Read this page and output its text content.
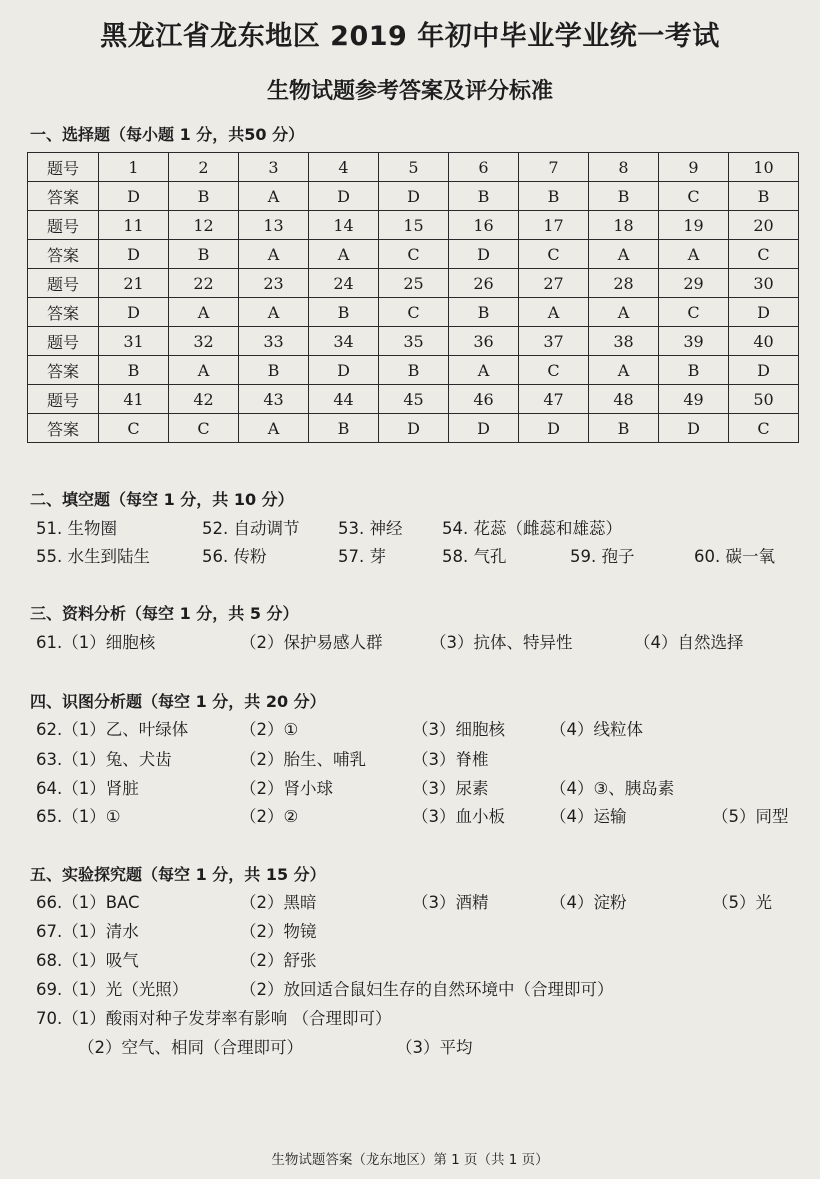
黑龙江省龙东地区 2019 年初中毕业学业统一考试
生物试题参考答案及评分标准
一、选择题（每小题 1 分，共50 分）
题号	1	2	3	4	5	6	7	8	9	10
答案	D	B	A	D	D	B	B	B	C	B
题号	11	12	13	14	15	16	17	18	19	20
答案	D	B	A	A	C	D	C	A	A	C
题号	21	22	23	24	25	26	27	28	29	30
答案	D	A	A	B	C	B	A	A	C	D
题号	31	32	33	34	35	36	37	38	39	40
答案	B	A	B	D	B	A	C	A	B	D
题号	41	42	43	44	45	46	47	48	49	50
答案	C	C	A	B	D	D	D	B	D	C
二、填空题（每空 1 分，共 10 分）
51. 生物圈	52. 自动调节 53. 神经 54. 花蕊（雌蕊和雄蕊）
55. 水生到陆生	56. 传粉	57. 芽	58. 气孔	59. 孢子	60. 碳一氧
三、资料分析（每空 1 分，共 5 分）
61.（1）细胞核	（2）保护易感人群	（3）抗体、特异性	（4）自然选择
四、识图分析题（每空 1 分，共 20 分）
62.（1）乙、叶绿体	（2）①	（3）细胞核	（4）线粒体
63.（1）兔、犬齿	（2）胎生、哺乳	（3）脊椎
64.（1）肾脏	（2）肾小球	（3）尿素	（4）③、胰岛素
65.（1）①	（2）②	（3）血小板	（4）运输	（5）同型
五、实验探究题（每空 1 分，共 15 分）
66.（1）BAC	（2）黑暗	（3）酒精	（4）淀粉	（5）光
67.（1）清水	（2）物镜
68.（1）吸气	（2）舒张
69.（1）光（光照）	（2）放回适合鼠妇生存的自然环境中（合理即可）
70.（1）酸雨对种子发芽率有影响 （合理即可）
（2）空气、相同（合理即可）	（3）平均
生物试题答案（龙东地区）第 1 页（共 1 页）
